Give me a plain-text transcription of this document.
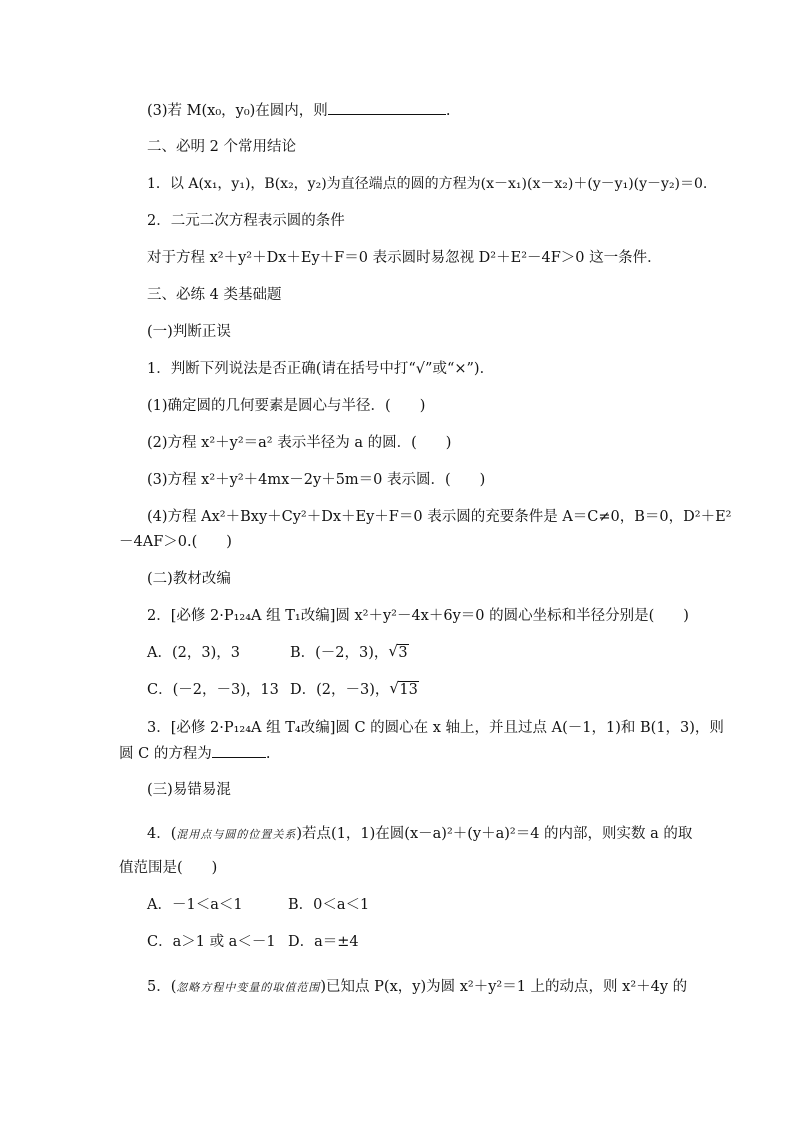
(3)若 M(x₀，y₀)在圆内，则	.
二、必明 2 个常用结论
1．以 A(x₁，y₁)，B(x₂，y₂)为直径端点的圆的方程为(x－x₁)(x－x₂)＋(y－y₁)(y－y₂)＝0.
2．二元二次方程表示圆的条件
对于方程 x²＋y²＋Dx＋Ey＋F＝0 表示圆时易忽视 D²＋E²－4F＞0 这一条件．
三、必练 4 类基础题
(一)判断正误
1．判断下列说法是否正确(请在括号中打“√”或“×”)．
(1)确定圆的几何要素是圆心与半径．(　　)
(2)方程 x²＋y²＝a² 表示半径为 a 的圆．(　　)
(3)方程 x²＋y²＋4mx－2y＋5m＝0 表示圆．(　　)
(4)方程 Ax²＋Bxy＋Cy²＋Dx＋Ey＋F＝0 表示圆的充要条件是 A＝C≠0，B＝0，D²＋E²
－4AF＞0.(　　)
(二)教材改编
2．[必修 2·P₁₂₄A 组 T₁改编]圆 x²＋y²－4x＋6y＝0 的圆心坐标和半径分别是(　　)
A．(2，3)，3	B．(－2，3)， √ 3
C．(－2，－3)，13 D．(2，－3)， √ 13
3．[必修 2·P₁₂₄A 组 T₄改编]圆 C 的圆心在 x 轴上，并且过点 A(－1，1)和 B(1，3)，则
圆 C 的方程为	.
(三)易错易混
4．(混用点与圆的位置关系)若点(1，1)在圆(x－a)²＋(y＋a)²＝4 的内部，则实数 a 的取
值范围是(　　)
A．－1＜a＜1	B．0＜a＜1
C．a＞1 或 a＜－1 D．a＝±4
5．(忽略方程中变量的取值范围)已知点 P(x，y)为圆 x²＋y²＝1 上的动点，则 x²＋4y 的
